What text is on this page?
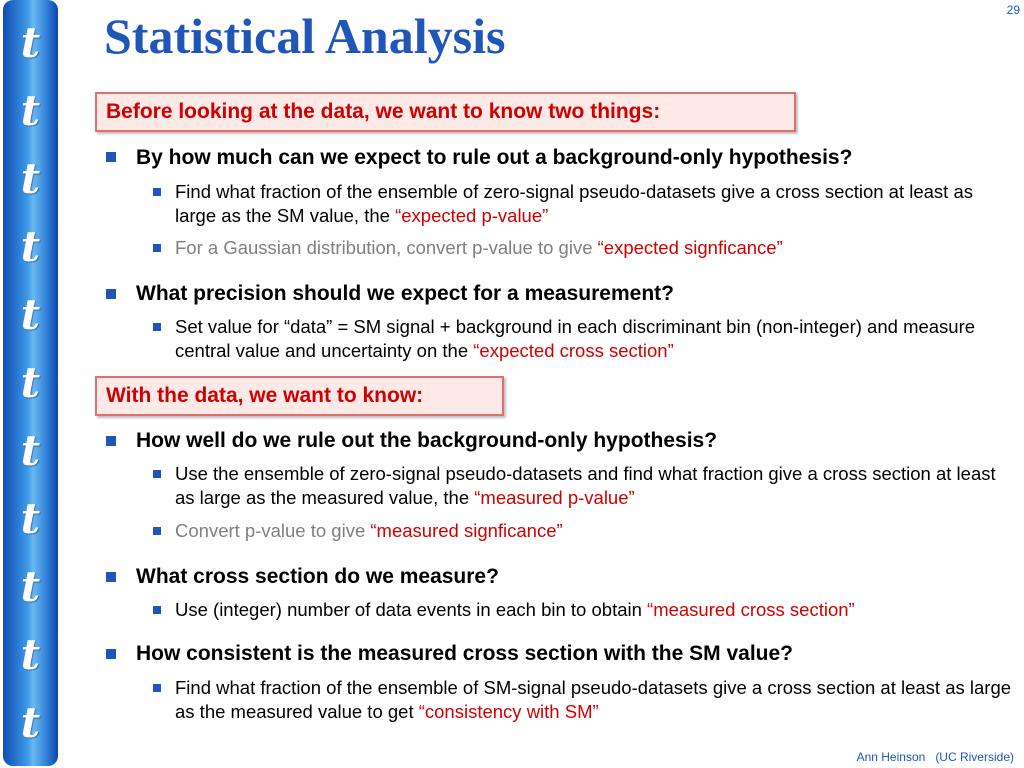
t
t
t
t
t
t
t
t
t
t
t
Statistical Analysis	29
Before looking at the data, we want to know two things:
By how much can we expect to rule out a background-only hypothesis?
Find what fraction of the ensemble of zero-signal pseudo-datasets give a cross section at least as large as the SM value, the “expected p-value”
For a Gaussian distribution, convert p-value to give “expected signficance”
What precision should we expect for a measurement?
Set value for “data” = SM signal + background in each discriminant bin (non-integer) and measure central value and uncertainty on the “expected cross section”
With the data, we want to know:
How well do we rule out the background-only hypothesis?
Use the ensemble of zero-signal pseudo-datasets and find what fraction give a cross section at least as large as the measured value, the “measured p-value”
Convert p-value to give “measured signficance”
What cross section do we measure?
Use (integer) number of data events in each bin to obtain “measured cross section”
How consistent is the measured cross section with the SM value?
Find what fraction of the ensemble of SM-signal pseudo-datasets give a cross section at least as large as the measured value to get “consistency with SM”
Ann Heinson (UC Riverside)
